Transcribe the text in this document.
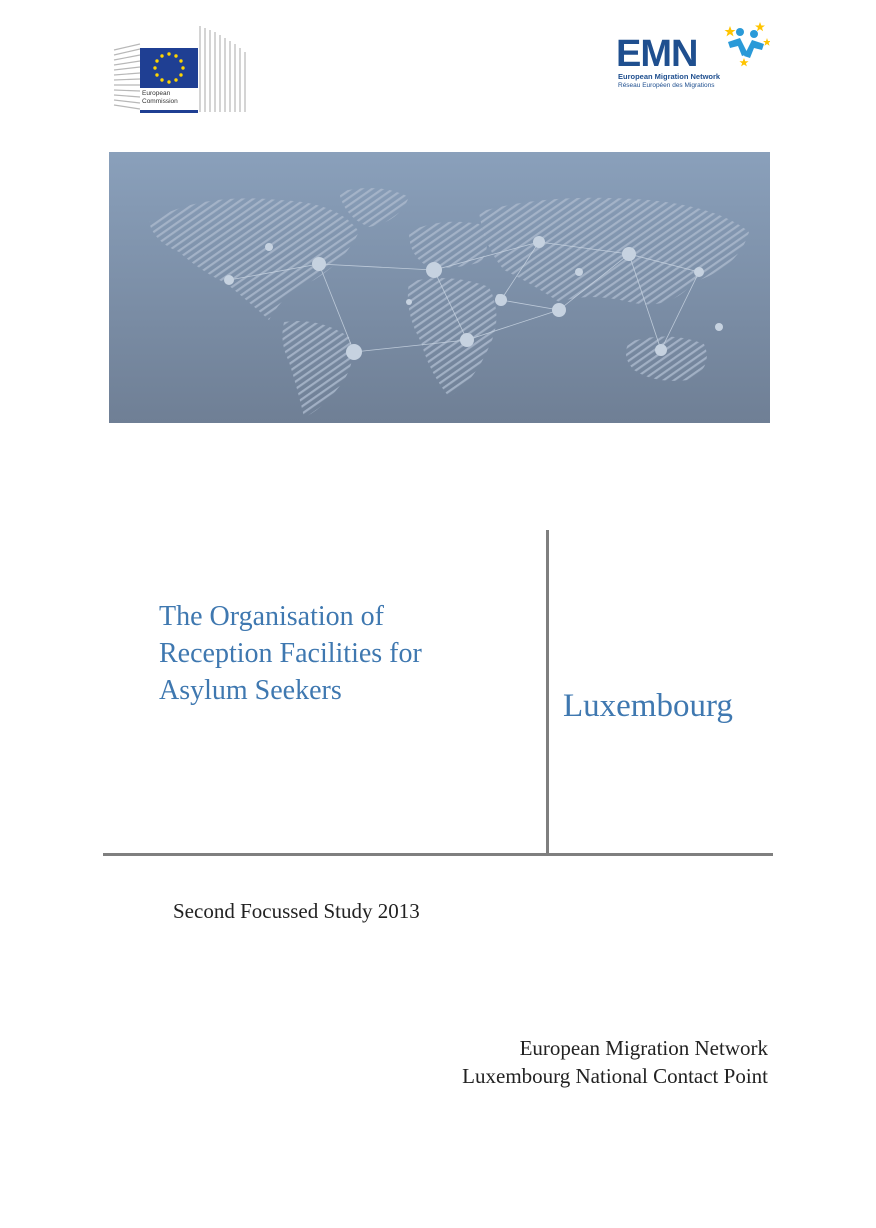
European
Commission
EMN
European Migration Network
Réseau Européen des Migrations
The Organisation of
Reception Facilities for
Asylum Seekers	Luxembourg
Second Focussed Study 2013
European Migration Network
Luxembourg National Contact Point
